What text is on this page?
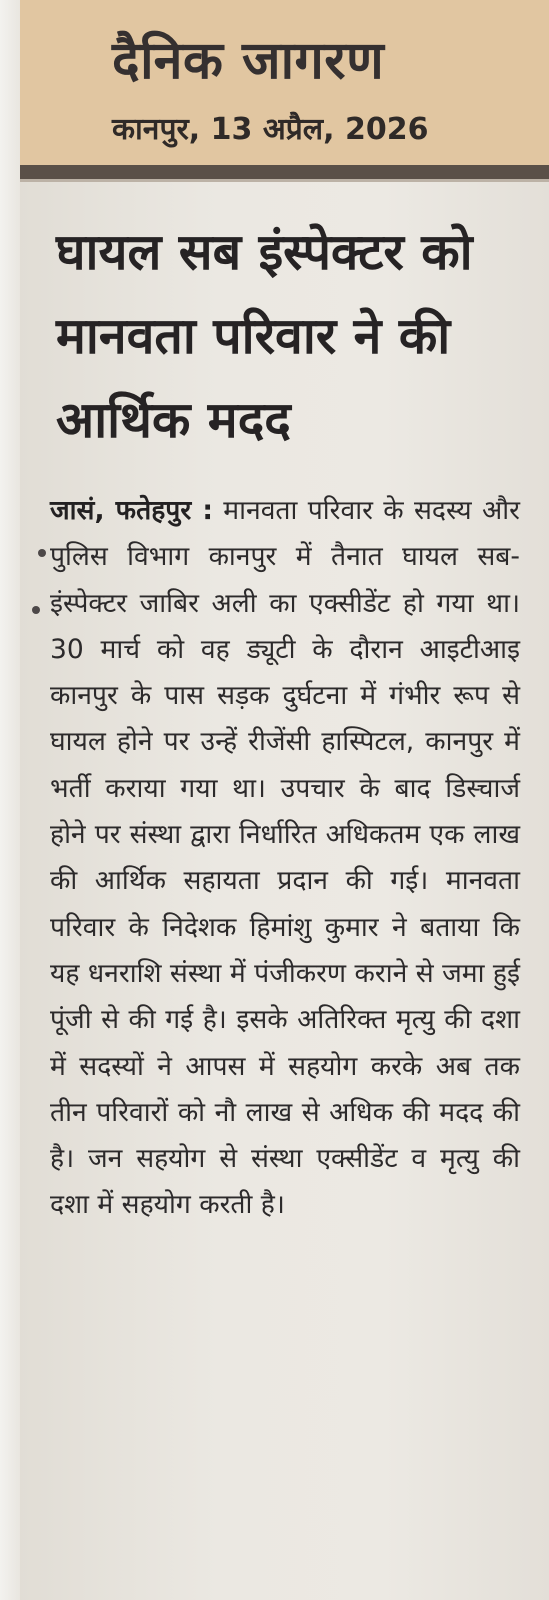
दैनिक जागरण
कानपुर, 13 अप्रैल, 2026
घायल सब इंस्पेक्टर को मानवता परिवार ने की आर्थिक मदद

जासं, फतेहपुर : मानवता परिवार के सदस्य और पुलिस विभाग कानपुर में तैनात घायल सब-इंस्पेक्टर जाबिर अली का एक्सीडेंट हो गया था। 30 मार्च को वह ड्यूटी के दौरान आइटीआइ कानपुर के पास सड़क दुर्घटना में गंभीर रूप से घायल होने पर उन्हें रीजेंसी हास्पिटल, कानपुर में भर्ती कराया गया था। उपचार के बाद डिस्चार्ज होने पर संस्था द्वारा निर्धारित अधिकतम एक लाख की आर्थिक सहायता प्रदान की गई। मानवता परिवार के निदेशक हिमांशु कुमार ने बताया कि यह धनराशि संस्था में पंजीकरण कराने से जमा हुई पूंजी से की गई है। इसके अतिरिक्त मृत्यु की दशा में सदस्यों ने आपस में सहयोग करके अब तक तीन परिवारों को नौ लाख से अधिक की मदद की है। जन सहयोग से संस्था एक्सीडेंट व मृत्यु की दशा में सहयोग करती है।
